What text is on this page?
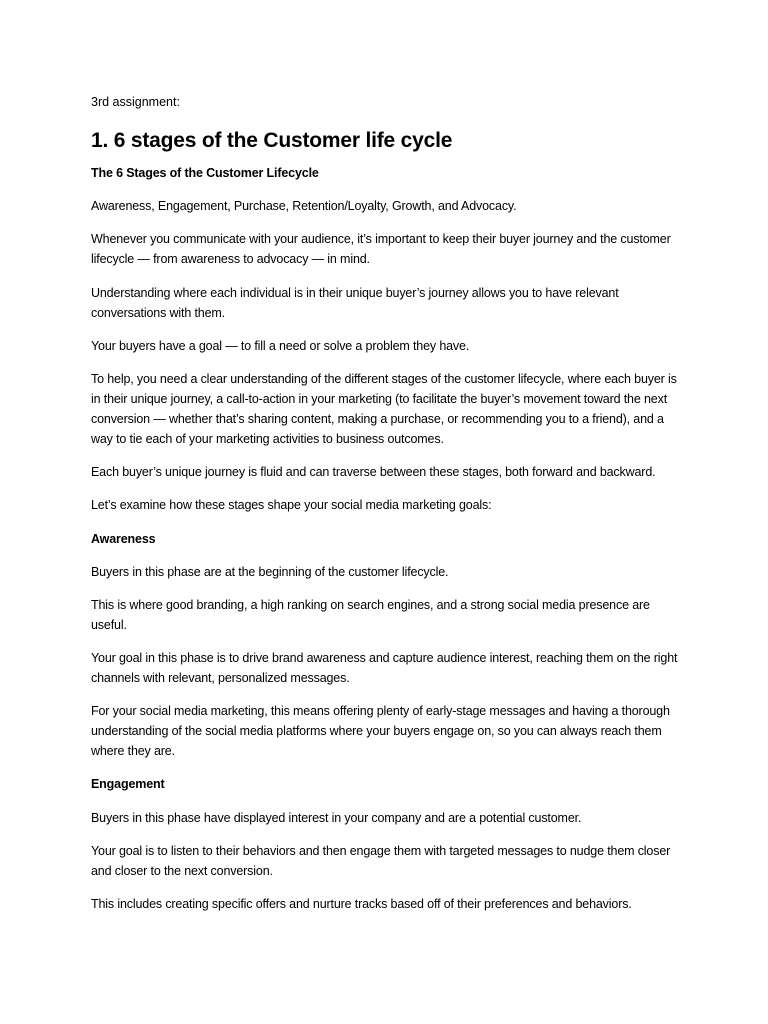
3rd assignment:
1. 6 stages of the Customer life cycle

The 6 Stages of the Customer Lifecycle

Awareness, Engagement, Purchase, Retention/Loyalty, Growth, and Advocacy.

Whenever you communicate with your audience, it’s important to keep their buyer journey and the customer lifecycle — from awareness to advocacy — in mind.

Understanding where each individual is in their unique buyer’s journey allows you to have relevant conversations with them.

Your buyers have a goal — to fill a need or solve a problem they have.

To help, you need a clear understanding of the different stages of the customer lifecycle, where each buyer is in their unique journey, a call-to-action in your marketing (to facilitate the buyer’s movement toward the next conversion — whether that’s sharing content, making a purchase, or recommending you to a friend), and a way to tie each of your marketing activities to business outcomes.

Each buyer’s unique journey is fluid and can traverse between these stages, both forward and backward.

Let’s examine how these stages shape your social media marketing goals:

Awareness

Buyers in this phase are at the beginning of the customer lifecycle.

This is where good branding, a high ranking on search engines, and a strong social media presence are useful.

Your goal in this phase is to drive brand awareness and capture audience interest, reaching them on the right channels with relevant, personalized messages.

For your social media marketing, this means offering plenty of early-stage messages and having a thorough understanding of the social media platforms where your buyers engage on, so you can always reach them where they are.

Engagement

Buyers in this phase have displayed interest in your company and are a potential customer.

Your goal is to listen to their behaviors and then engage them with targeted messages to nudge them closer and closer to the next conversion.

This includes creating specific offers and nurture tracks based off of their preferences and behaviors.
